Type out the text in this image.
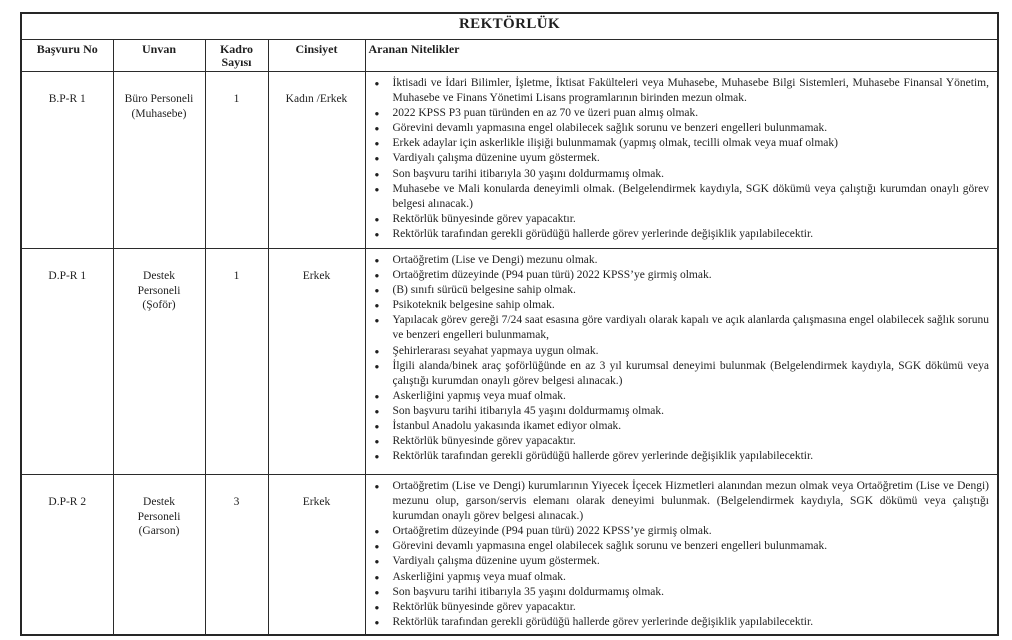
REKTÖRLÜK				
Başvuru No	Unvan	Kadro Sayısı	Cinsiyet	Aranan Nitelikler
B.P-R 1	Büro Personeli (Muhasebe)	1	Kadın /Erkek	
● İktisadi ve İdari Bilimler, İşletme, İktisat Fakülteleri veya Muhasebe, Muhasebe Bilgi Sistemleri, Muhasebe Finansal Yönetim, Muhasebe ve Finans Yönetimi Lisans programlarının birinden mezun olmak.
● 2022 KPSS P3 puan türünden en az 70 ve üzeri puan almış olmak.
● Görevini devamlı yapmasına engel olabilecek sağlık sorunu ve benzeri engelleri bulunmamak.
● Erkek adaylar için askerlikle ilişiği bulunmamak (yapmış olmak, tecilli olmak veya muaf olmak)
● Vardiyalı çalışma düzenine uyum göstermek.
● Son başvuru tarihi itibarıyla 30 yaşını doldurmamış olmak.
● Muhasebe ve Mali konularda deneyimli olmak. (Belgelendirmek kaydıyla, SGK dökümü veya çalıştığı kurumdan onaylı görev belgesi alınacak.)
● Rektörlük bünyesinde görev yapacaktır.
● Rektörlük tarafından gerekli görüdüğü hallerde görev yerlerinde değişiklik yapılabilecektir.

D.P-R 1	Destek Personeli (Şoför)	1	Erkek	
● Ortaöğretim (Lise ve Dengi) mezunu olmak.
● Ortaöğretim düzeyinde (P94 puan türü) 2022 KPSS’ye girmiş olmak.
● (B) sınıfı sürücü belgesine sahip olmak.
● Psikoteknik belgesine sahip olmak.
● Yapılacak görev gereği 7/24 saat esasına göre vardiyalı olarak kapalı ve açık alanlarda çalışmasına engel olabilecek sağlık sorunu ve benzeri engelleri bulunmamak,
● Şehirlerarası seyahat yapmaya uygun olmak.
● İlgili alanda/binek araç şoförlüğünde en az 3 yıl kurumsal deneyimi bulunmak (Belgelendirmek kaydıyla, SGK dökümü veya çalıştığı kurumdan onaylı görev belgesi alınacak.)
● Askerliğini yapmış veya muaf olmak.
● Son başvuru tarihi itibarıyla 45 yaşını doldurmamış olmak.
● İstanbul Anadolu yakasında ikamet ediyor olmak.
● Rektörlük bünyesinde görev yapacaktır.
● Rektörlük tarafından gerekli görüdüğü hallerde görev yerlerinde değişiklik yapılabilecektir.

D.P-R 2	Destek Personeli (Garson)	3	Erkek	
● Ortaöğretim (Lise ve Dengi) kurumlarının Yiyecek İçecek Hizmetleri alanından mezun olmak veya Ortaöğretim (Lise ve Dengi) mezunu olup, garson/servis elemanı olarak deneyimi bulunmak. (Belgelendirmek kaydıyla, SGK dökümü veya çalıştığı kurumdan onaylı görev belgesi alınacak.)
● Ortaöğretim düzeyinde (P94 puan türü) 2022 KPSS’ye girmiş olmak.
● Görevini devamlı yapmasına engel olabilecek sağlık sorunu ve benzeri engelleri bulunmamak.
● Vardiyalı çalışma düzenine uyum göstermek.
● Askerliğini yapmış veya muaf olmak.
● Son başvuru tarihi itibarıyla 35 yaşını doldurmamış olmak.
● Rektörlük bünyesinde görev yapacaktır.
● Rektörlük tarafından gerekli görüdüğü hallerde görev yerlerinde değişiklik yapılabilecektir.
